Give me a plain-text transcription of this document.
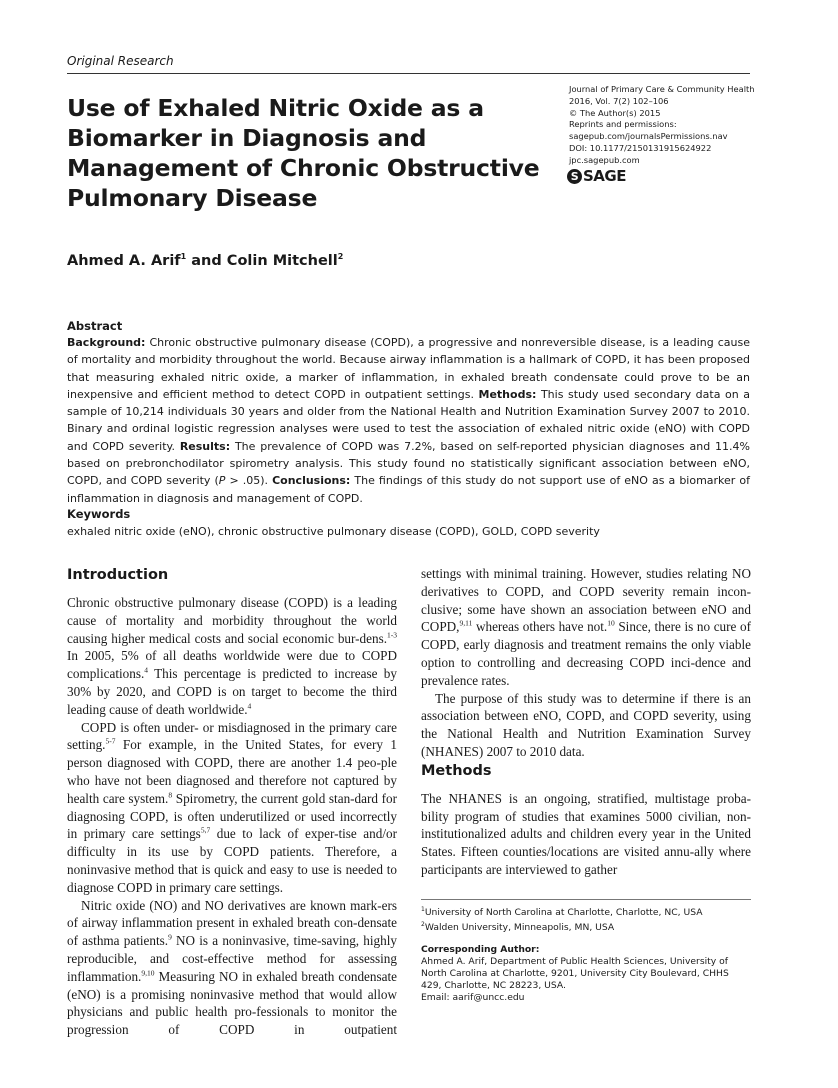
Original Research
Use of Exhaled Nitric Oxide as a Biomarker in Diagnosis and Management of Chronic Obstructive Pulmonary Disease
Journal of Primary Care & Community Health
2016, Vol. 7(2) 102–106
© The Author(s) 2015
Reprints and permissions:
sagepub.com/journalsPermissions.nav
DOI: 10.1177/2150131915624922
jpc.sagepub.com
S SAGE
Ahmed A. Arif$^1$ and Colin Mitchell$^2$
Abstract

Background: Chronic obstructive pulmonary disease (COPD), a progressive and nonreversible disease, is a leading cause of mortality and morbidity throughout the world. Because airway inflammation is a hallmark of COPD, it has been proposed that measuring exhaled nitric oxide, a marker of inflammation, in exhaled breath condensate could prove to be an inexpensive and efficient method to detect COPD in outpatient settings. Methods: This study used secondary data on a sample of 10,214 individuals 30 years and older from the National Health and Nutrition Examination Survey 2007 to 2010. Binary and ordinal logistic regression analyses were used to test the association of exhaled nitric oxide (eNO) with COPD and COPD severity. Results: The prevalence of COPD was 7.2%, based on self-reported physician diagnoses and 11.4% based on prebronchodilator spirometry analysis. This study found no statistically significant association between eNO, COPD, and COPD severity (P > .05). Conclusions: The findings of this study do not support use of eNO as a biomarker of inflammation in diagnosis and management of COPD.

Keywords

exhaled nitric oxide (eNO), chronic obstructive pulmonary disease (COPD), GOLD, COPD severity

Introduction

Chronic obstructive pulmonary disease (COPD) is a leading cause of mortality and morbidity throughout the world causing higher medical costs and social economic bur-dens.$^{1-3}$ In 2005, 5% of all deaths worldwide were due to COPD complications.$^4$ This percentage is predicted to increase by 30% by 2020, and COPD is on target to become the third leading cause of death worldwide.$^4$

COPD is often under- or misdiagnosed in the primary care setting.$^{5-7}$ For example, in the United States, for every 1 person diagnosed with COPD, there are another 1.4 peo-ple who have not been diagnosed and therefore not captured by health care system.$^8$ Spirometry, the current gold stan-dard for diagnosing COPD, is often underutilized or used incorrectly in primary care settings$^{5,7}$ due to lack of exper-tise and/or difficulty in its use by COPD patients. Therefore, a noninvasive method that is quick and easy to use is needed to diagnose COPD in primary care settings.

Nitric oxide (NO) and NO derivatives are known mark-ers of airway inflammation present in exhaled breath con-densate of asthma patients.$^9$ NO is a noninvasive, time-saving, highly reproducible, and cost-effective method for assessing inflammation.$^{9,10}$ Measuring NO in exhaled breath condensate (eNO) is a promising noninvasive method that would allow physicians and public health pro-fessionals to monitor the progression of COPD in outpatient

settings with minimal training. However, studies relating NO derivatives to COPD, and COPD severity remain incon-clusive; some have shown an association between eNO and COPD,$^{9,11}$ whereas others have not.$^{10}$ Since, there is no cure of COPD, early diagnosis and treatment remains the only viable option to controlling and decreasing COPD inci-dence and prevalence rates.

The purpose of this study was to determine if there is an association between eNO, COPD, and COPD severity, using the National Health and Nutrition Examination Survey (NHANES) 2007 to 2010 data.

Methods

The NHANES is an ongoing, stratified, multistage proba-bility program of studies that examines 5000 civilian, non-institutionalized adults and children every year in the United States. Fifteen counties/locations are visited annu-ally where participants are interviewed to gather

$^1$University of North Carolina at Charlotte, Charlotte, NC, USA

$^2$Walden University, Minneapolis, MN, USA

Corresponding Author:

Ahmed A. Arif, Department of Public Health Sciences, University of North Carolina at Charlotte, 9201, University City Boulevard, CHHS 429, Charlotte, NC 28223, USA.

Email: aarif@uncc.edu
